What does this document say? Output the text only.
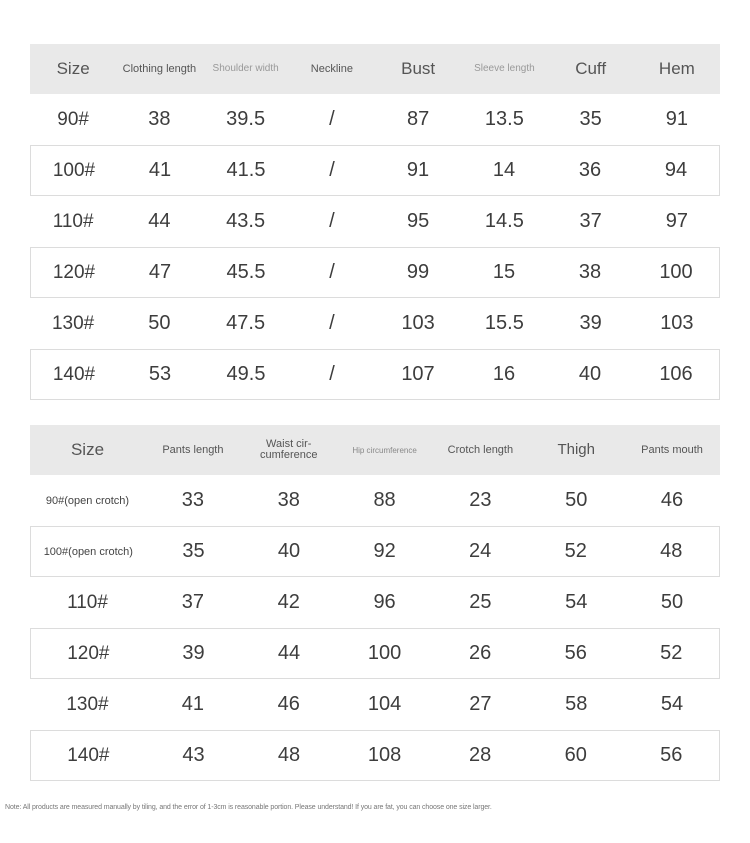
Size	Clothing length	Shoulder width	Neckline	Bust	Sleeve length	Cuff	Hem
90#	38	39.5	/	87	13.5	35	91
100#	41	41.5	/	91	14	36	94
110#	44	43.5	/	95	14.5	37	97
120#	47	45.5	/	99	15	38	100
130#	50	47.5	/	103	15.5	39	103
140#	53	49.5	/	107	16	40	106
Size	Pants length	Waist cir-cumference	Hip circumference	Crotch length	Thigh	Pants mouth
90#(open crotch)	33	38	88	23	50	46
100#(open crotch)	35	40	92	24	52	48
110#	37	42	96	25	54	50
120#	39	44	100	26	56	52
130#	41	46	104	27	58	54
140#	43	48	108	28	60	56
Note: All products are measured manually by tiling, and the error of 1-3cm is reasonable portion. Please understand! If you are fat, you can choose one size larger.
